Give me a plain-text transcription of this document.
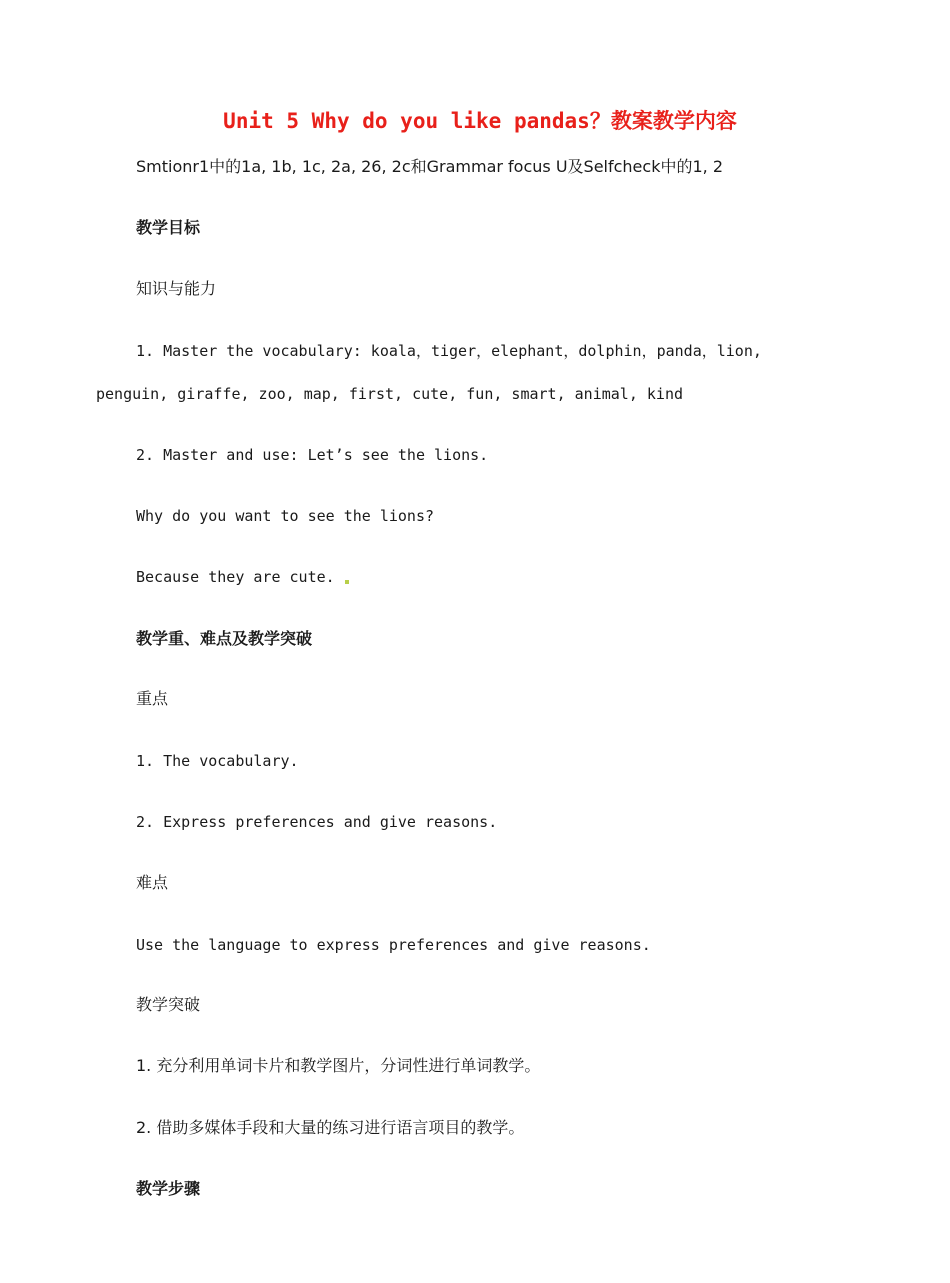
Unit 5 Why do you like pandas？教案教学内容
Smtionr1中的1a, 1b, 1c, 2a, 26, 2c和Grammar focus U及Selfcheck中的1, 2
教学目标
知识与能力
1. Master the vocabulary: koala，tiger，elephant，dolphin，panda，lion,
penguin, giraffe, zoo, map, first, cute, fun, smart, animal, kind
2. Master and use: Let’s see the lions.
Why do you want to see the lions?
Because they are cute.
教学重、难点及教学突破
重点
1. The vocabulary.
2. Express preferences and give reasons.
难点
Use the language to express preferences and give reasons.
教学突破
1. 充分利用单词卡片和教学图片，分词性进行单词教学。
2. 借助多媒体手段和大量的练习进行语言项目的教学。
教学步骤
